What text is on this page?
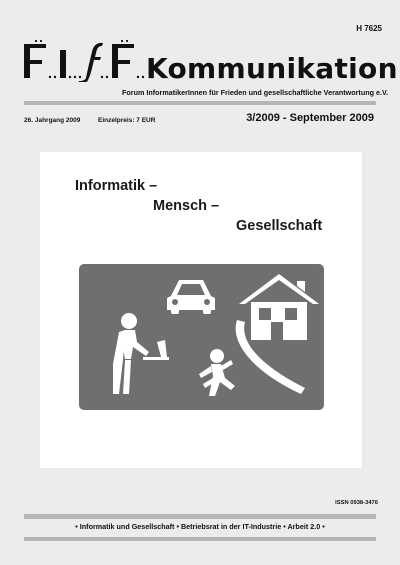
H 7625
Kommunikation
Forum InformatikerInnen für Frieden und gesellschaftliche Verantwortung e.V.
26. Jahrgang 2009	Einzelpreis: 7 EUR	3/2009 - September 2009
Informatik –
Mensch –
Gesellschaft
ISSN 0938-3476
• Informatik und Gesellschaft • Betriebsrat in der IT-Industrie • Arbeit 2.0 •
